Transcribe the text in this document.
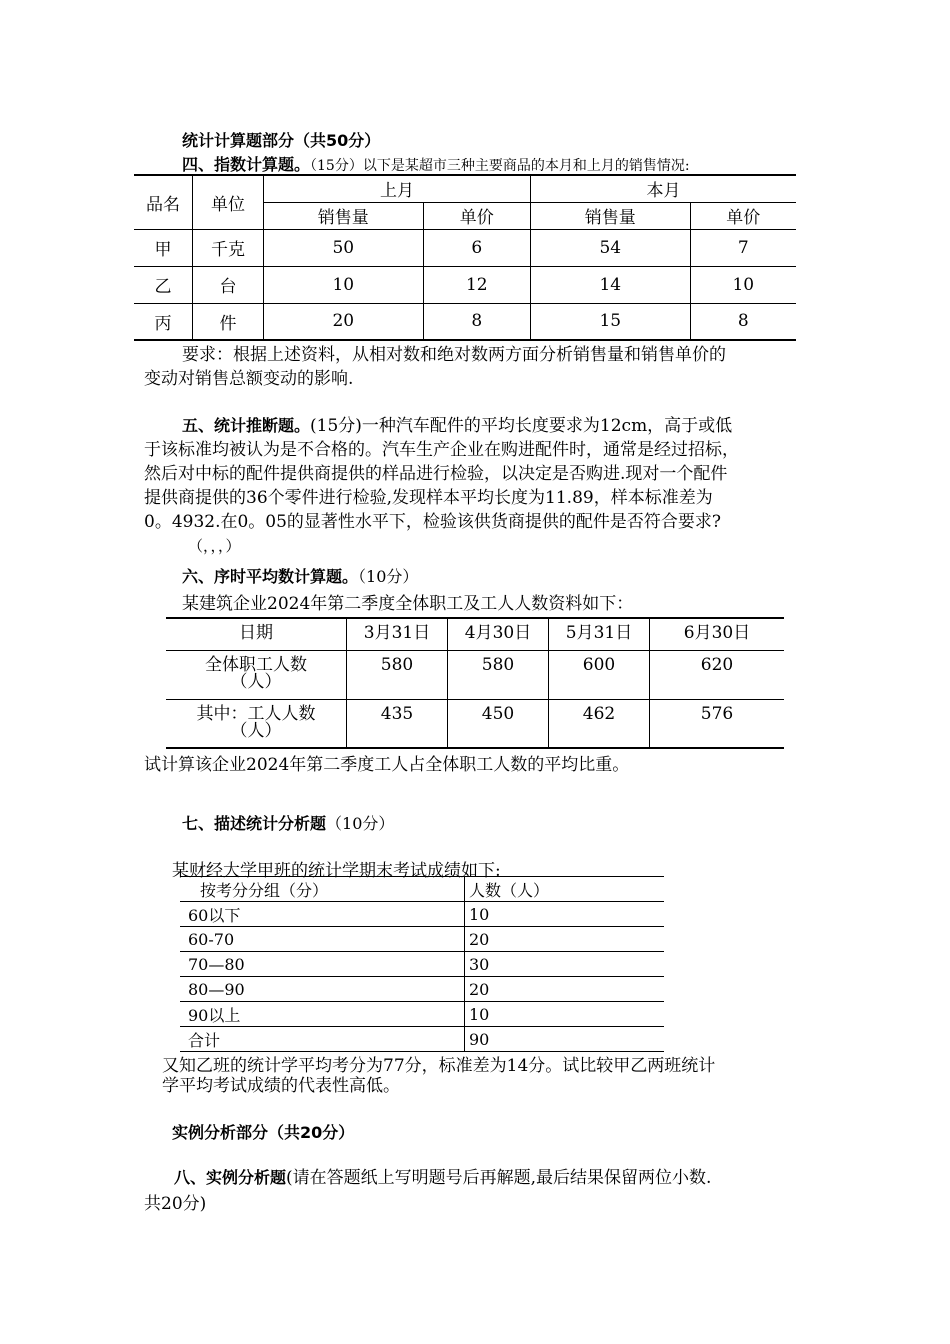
统计计算题部分（共50分）
四、指数计算题。（15分）以下是某超市三种主要商品的本月和上月的销售情况:
品名	单位	上月		本月	
		销售量	单价	销售量	单价
甲	千克	50	6	54	7
乙	台	10	12	14	10
丙	件	20	8	15	8
要求：根据上述资料，从相对数和绝对数两方面分析销售量和销售单价的
变动对销售总额变动的影响.
五、统计推断题。(15分)一种汽车配件的平均长度要求为12cm，高于或低
于该标准均被认为是不合格的。汽车生产企业在购进配件时，通常是经过招标，
然后对中标的配件提供商提供的样品进行检验，以决定是否购进.现对一个配件
提供商提供的36个零件进行检验,发现样本平均长度为11.89，样本标准差为
0。4932.在0。05的显著性水平下，检验该供货商提供的配件是否符合要求?
（，，，）
六、序时平均数计算题。（10分）
某建筑企业2024年第二季度全体职工及工人人数资料如下：
日期	3月31日	4月30日	5月31日	6月30日

全体职工人数
（人）	580	580	600	620

其中：工人人数
（人）	435	450	462	576
试计算该企业2024年第二季度工人占全体职工人数的平均比重。
七、描述统计分析题（10分）
某财经大学甲班的统计学期末考试成绩如下:
按考分分组（分）	人数（人）
60以下	10
60-70	20
70—80	30
80—90	20
90以上	10
合计	90
又知乙班的统计学平均考分为77分，标准差为14分。试比较甲乙两班统计
学平均考试成绩的代表性高低。
实例分析部分（共20分）
八、实例分析题(请在答题纸上写明题号后再解题,最后结果保留两位小数.
共20分)
